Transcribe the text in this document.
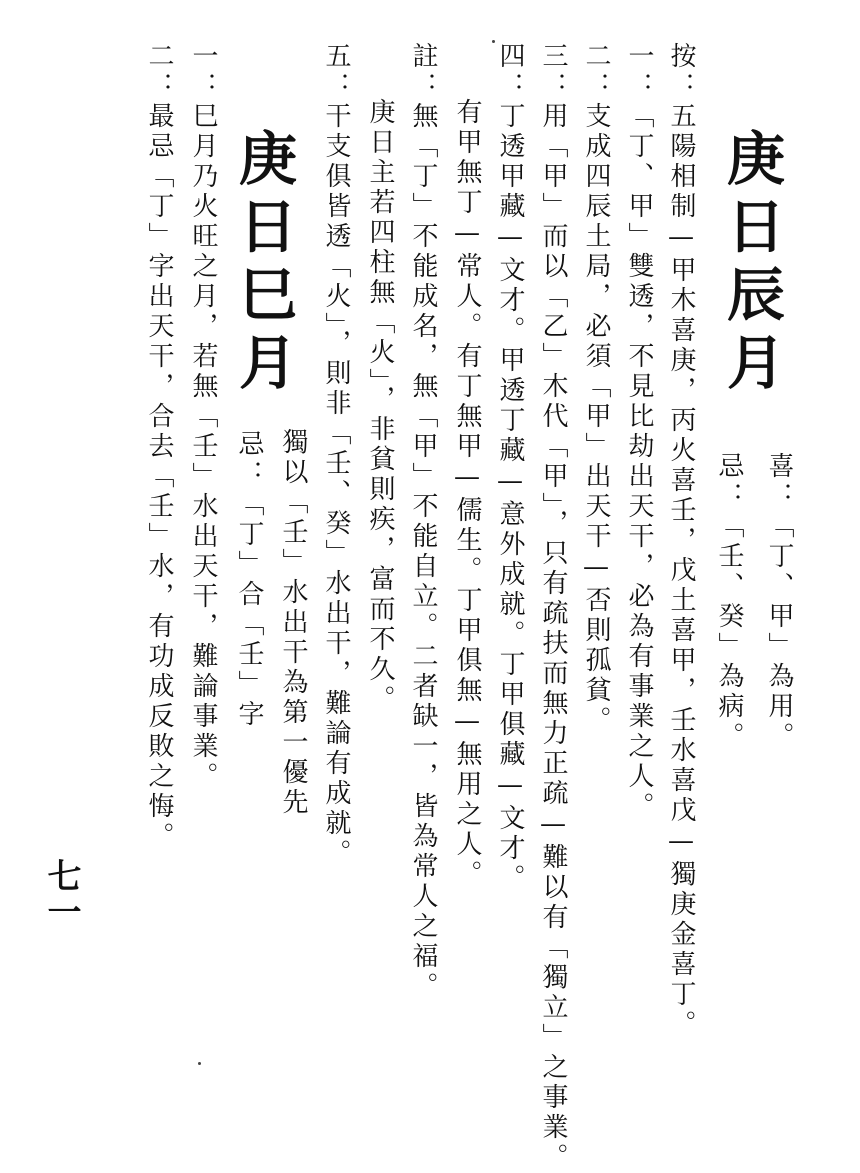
庚日辰月
喜：「丁、甲」為用。
忌：「壬、癸」為病。
按：五陽相制—甲木喜庚，丙火喜壬，戊土喜甲，壬水喜戊—獨庚金喜丁。
一：「丁、甲」雙透，不見比劫出天干，必為有事業之人。
二：支成四辰土局，必須「甲」出天干—否則孤貧。
三：用「甲」而以「乙」木代「甲」，只有疏扶而無力正疏—難以有「獨立」之事業。
四：丁透甲藏—文才。甲透丁藏—意外成就。丁甲俱藏—文才。
有甲無丁—常人。有丁無甲—儒生。丁甲俱無—無用之人。
註：無「丁」不能成名，無「甲」不能自立。二者缺一，皆為常人之福。
庚日主若四柱無「火」，非貧則疾，富而不久。
五：干支俱皆透「火」，則非「壬、癸」水出干，難論有成就。
獨以「壬」水出干為第一優先
忌：「丁」合「壬」字
庚日巳月
一：巳月乃火旺之月，若無「壬」水出天干，難論事業。
二：最忌「丁」字出天干，合去「壬」水，有功成反敗之悔。
七一
